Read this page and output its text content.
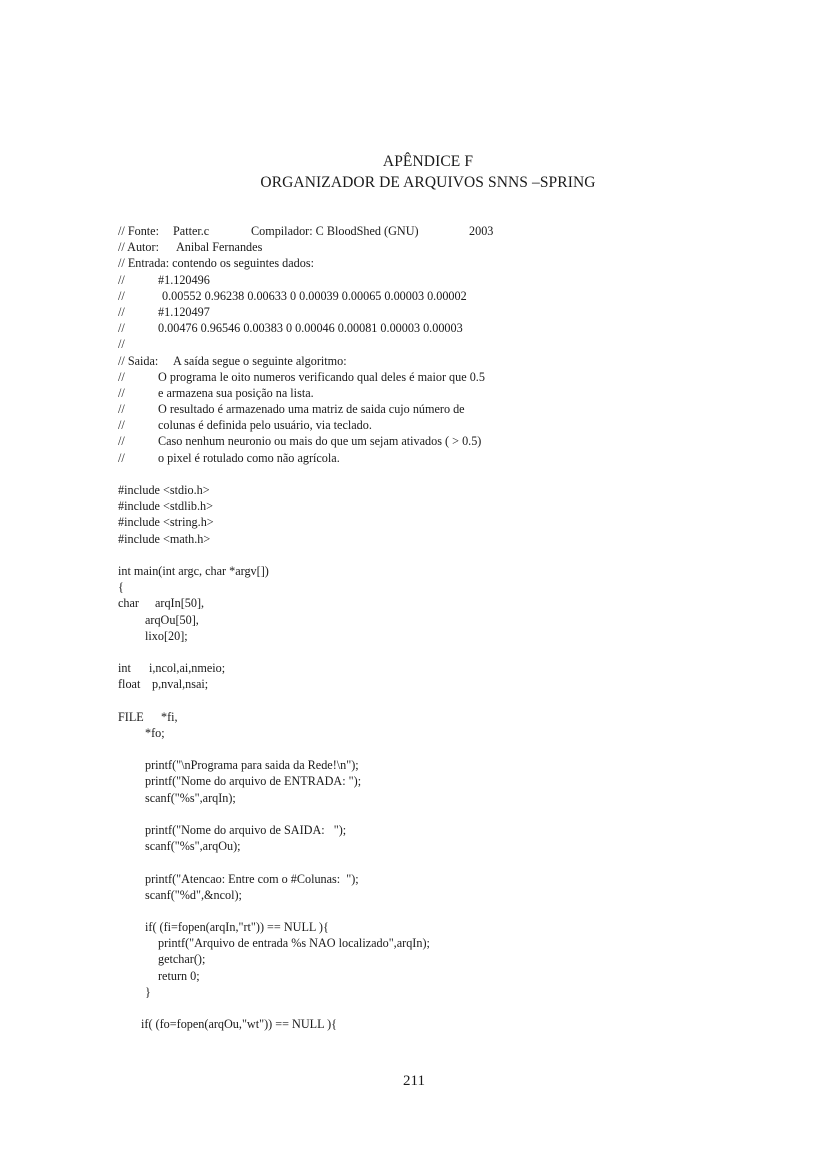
APÊNDICE F
ORGANIZADOR DE ARQUIVOS SNNS –SPRING

// Fonte:

Patter.c

	Compilador: C BloodShed (GNU)

	2003

// Autor:

Anibal Fernandes

// Entrada: contendo os seguintes dados:

//

	#1.120496

//

	0.00552 0.96238 0.00633 0 0.00039 0.00065 0.00003 0.00002

//

	#1.120497

//

	0.00476 0.96546 0.00383 0 0.00046 0.00081 0.00003 0.00003

//

// Saida:

A saída segue o seguinte algoritmo:

//

	O programa le oito numeros verificando qual deles é maior que 0.5

//

	e armazena sua posição na lista.

//

	O resultado é armazenado uma matriz de saida cujo número de

//

	colunas é definida pelo usuário, via teclado.

//

	Caso nenhum neuronio ou mais do que um sejam ativados ( > 0.5)

//

	o pixel é rotulado como não agrícola.

#include <stdio.h>
#include <stdlib.h>
#include <string.h>
#include <math.h>
int main(int argc, char *argv[])
{

char

arqIn[50],

arqOu[50],
lixo[20];

int

i,ncol,ai,nmeio;

float

p,nval,nsai;

FILE

*fi,

*fo;
printf("\nPrograma para saida da Rede!\n");
printf("Nome do arquivo de ENTRADA: ");
scanf("%s",arqIn);
printf("Nome do arquivo de SAIDA:   ");
scanf("%s",arqOu);
printf("Atencao: Entre com o #Colunas:  ");
scanf("%d",&ncol);
if( (fi=fopen(arqIn,"rt")) == NULL ){
printf("Arquivo de entrada %s NAO localizado",arqIn);
getchar();
return 0;
}
if( (fo=fopen(arqOu,"wt")) == NULL ){
211
